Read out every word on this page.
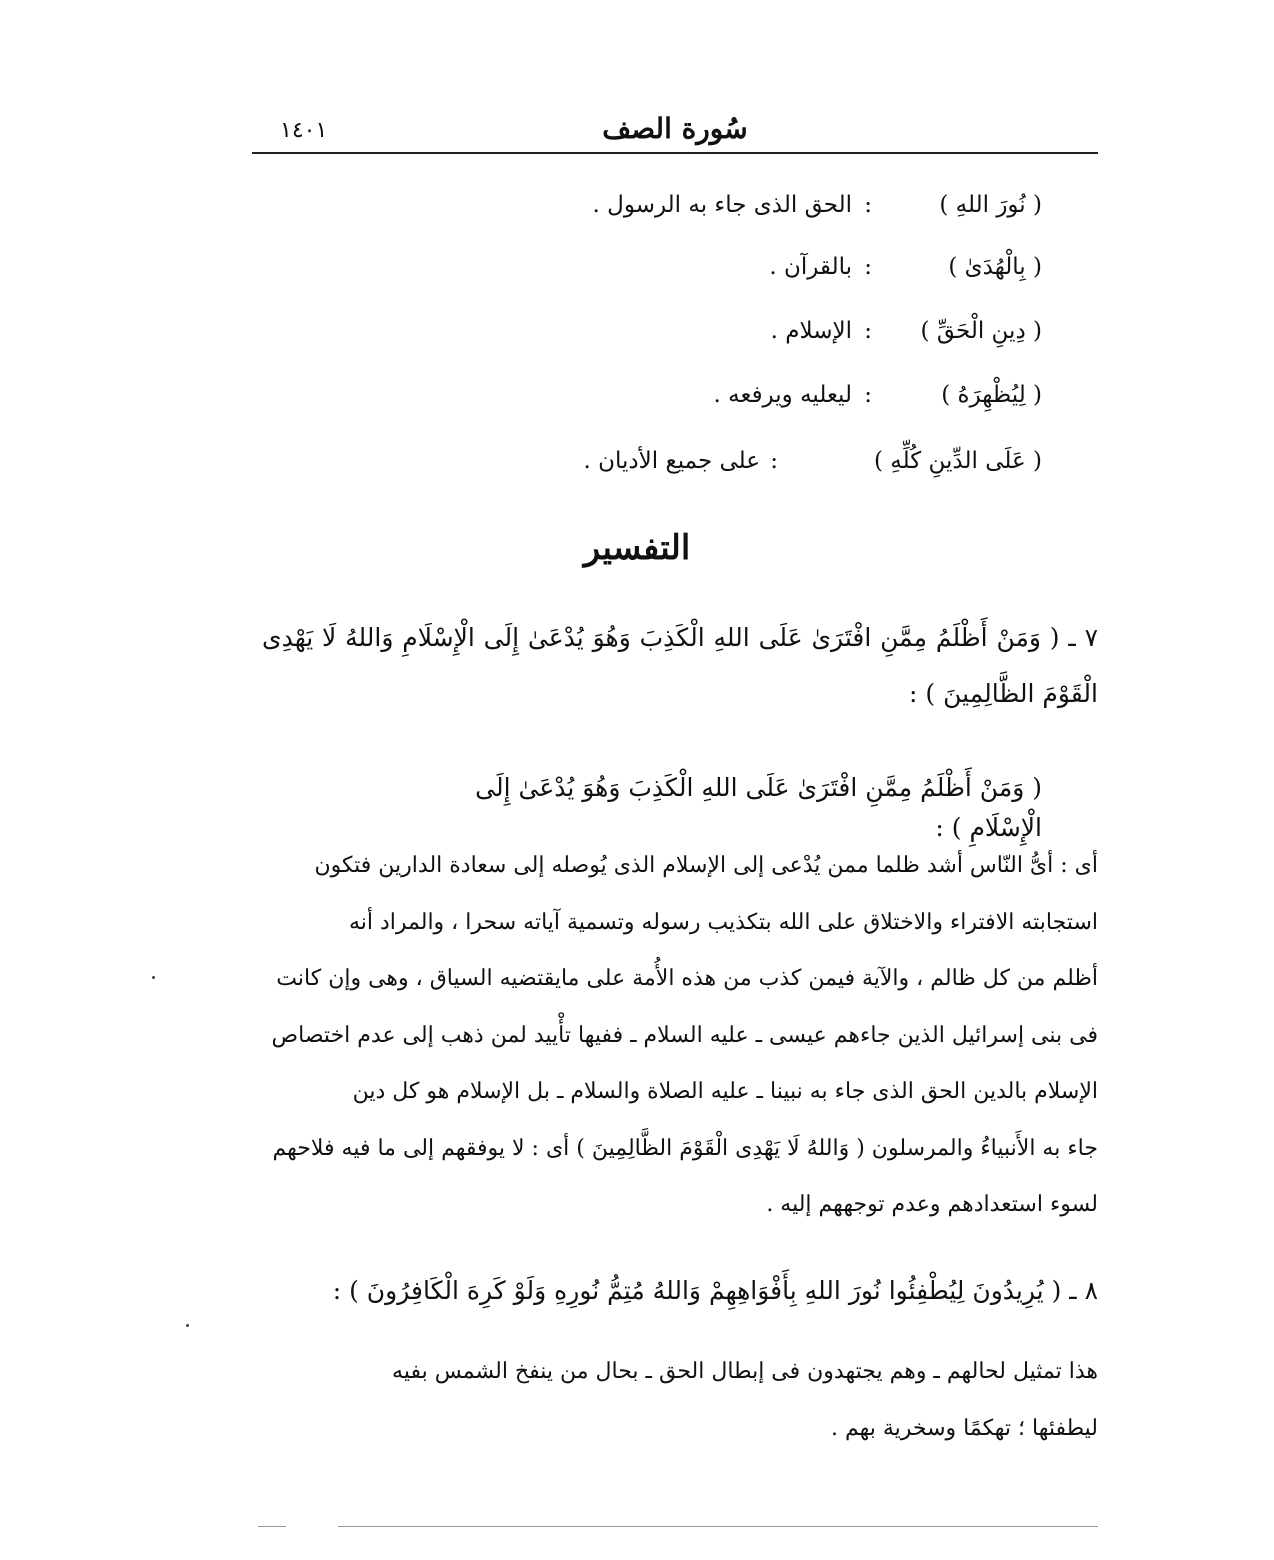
١٤٠١	سُورة الصف
( نُورَ اللهِ )
:
الحق الذى جاء به الرسول .
( بِالْهُدَىٰ )
:
بالقرآن .
( دِينِ الْحَقِّ )
:
الإسلام .
( لِيُظْهِرَهُ )
:
ليعليه ويرفعه .
( عَلَى الدِّينِ كُلِّهِ )
:
على جميع الأديان .
التفسير
٧ ـ ( وَمَنْ أَظْلَمُ مِمَّنِ افْتَرَىٰ عَلَى اللهِ الْكَذِبَ وَهُوَ يُدْعَىٰ إِلَى الْإِسْلَامِ وَاللهُ لَا يَهْدِى الْقَوْمَ الظَّالِمِينَ ) :
( وَمَنْ أَظْلَمُ مِمَّنِ افْتَرَىٰ عَلَى اللهِ الْكَذِبَ وَهُوَ يُدْعَىٰ إِلَى الْإِسْلَامِ ) :
أى : أىُّ النّاس أشد ظلما ممن يُدْعى إلى الإسلام الذى يُوصله إلى سعادة الدارين فتكون
استجابته الافتراء والاختلاق على الله بتكذيب رسوله وتسمية آياته سحرا ، والمراد أنه
أظلم من كل ظالم ، والآية فيمن كذب من هذه الأُمة على مايقتضيه السياق ، وهى وإن كانت
فى بنى إسرائيل الذين جاءهم عيسى ـ عليه السلام ـ ففيها تأْييد لمن ذهب إلى عدم اختصاص
الإسلام بالدين الحق الذى جاء به نبينا ـ عليه الصلاة والسلام ـ بل الإسلام هو كل دين
جاء به الأَنبياءُ والمرسلون ( وَاللهُ لَا يَهْدِى الْقَوْمَ الظَّالِمِينَ ) أى : لا يوفقهم إلى ما فيه فلاحهم
لسوء استعدادهم وعدم توجههم إليه .
٨ ـ ( يُرِيدُونَ لِيُطْفِئُوا نُورَ اللهِ بِأَفْوَاهِهِمْ وَاللهُ مُتِمُّ نُورِهِ وَلَوْ كَرِهَ الْكَافِرُونَ ) :
هذا تمثيل لحالهم ـ وهم يجتهدون فى إبطال الحق ـ بحال من ينفخ الشمس بفيه
ليطفئها ؛ تهكمًا وسخرية بهم .
